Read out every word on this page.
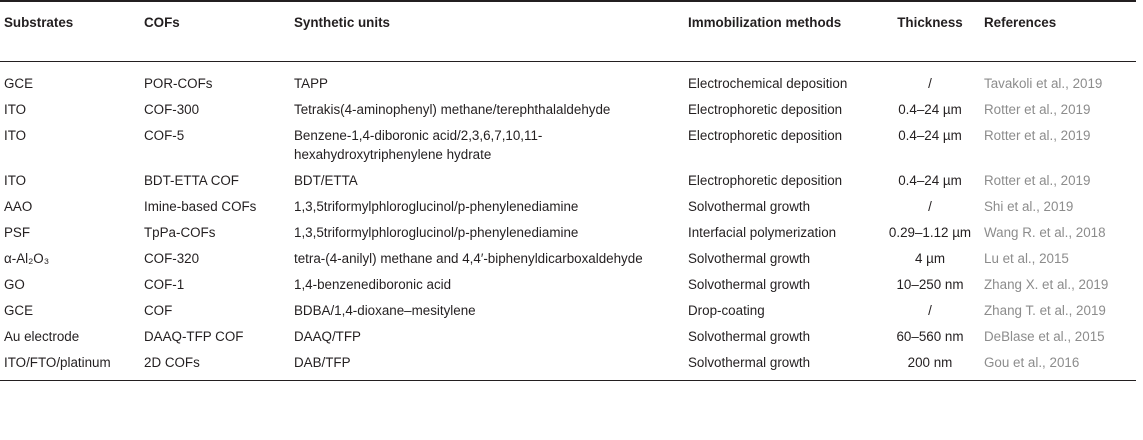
Substrates	COFs	Synthetic units	Immobilization methods	Thickness	References
GCE	POR-COFs	TAPP	Electrochemical deposition	/	Tavakoli et al., 2019
ITO	COF-300	Tetrakis(4-aminophenyl) methane/terephthalaldehyde	Electrophoretic deposition	0.4–24 µm	Rotter et al., 2019
ITO	COF-5	Benzene-1,4-diboronic acid/2,3,6,7,10,11-hexahydroxytriphenylene hydrate	Electrophoretic deposition	0.4–24 µm	Rotter et al., 2019
ITO	BDT-ETTA COF	BDT/ETTA	Electrophoretic deposition	0.4–24 µm	Rotter et al., 2019
AAO	Imine-based COFs	1,3,5triformylphloroglucinol/p-phenylenediamine	Solvothermal growth	/	Shi et al., 2019
PSF	TpPa-COFs	1,3,5triformylphloroglucinol/p-phenylenediamine	Interfacial polymerization	0.29–1.12 µm	Wang R. et al., 2018
α-Al₂O₃	COF-320	tetra-(4-anilyl) methane and 4,4′-biphenyldicarboxaldehyde	Solvothermal growth	4 µm	Lu et al., 2015
GO	COF-1	1,4-benzenediboronic acid	Solvothermal growth	10–250 nm	Zhang X. et al., 2019
GCE	COF	BDBA/1,4-dioxane–mesitylene	Drop-coating	/	Zhang T. et al., 2019
Au electrode	DAAQ-TFP COF	DAAQ/TFP	Solvothermal growth	60–560 nm	DeBlase et al., 2015
ITO/FTO/platinum	2D COFs	DAB/TFP	Solvothermal growth	200 nm	Gou et al., 2016
